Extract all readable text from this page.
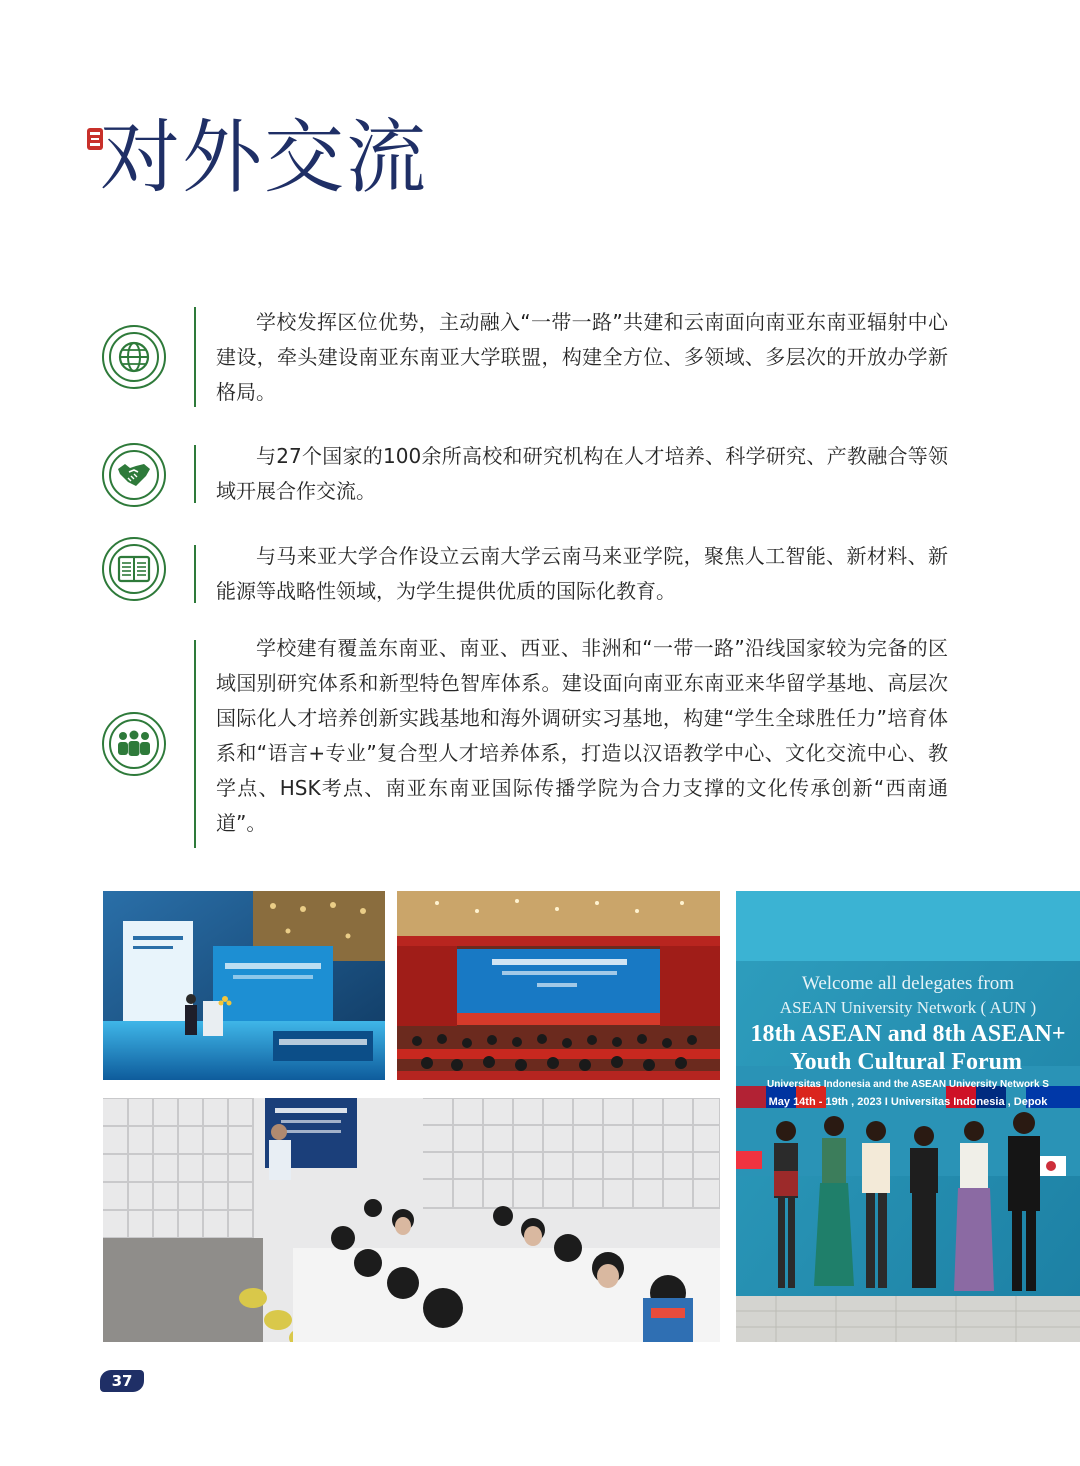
对外交流
学校发挥区位优势，主动融入“一带一路”共建和云南面向南亚东南亚辐射中心建设，牵头建设南亚东南亚大学联盟，构建全方位、多领域、多层次的开放办学新格局。
与27个国家的100余所高校和研究机构在人才培养、科学研究、产教融合等领域开展合作交流。
与马来亚大学合作设立云南大学云南马来亚学院，聚焦人工智能、新材料、新能源等战略性领域，为学生提供优质的国际化教育。
学校建有覆盖东南亚、南亚、西亚、非洲和“一带一路”沿线国家较为完备的区域国别研究体系和新型特色智库体系。建设面向南亚东南亚来华留学基地、高层次国际化人才培养创新实践基地和海外调研实习基地，构建“学生全球胜任力”培育体系和“语言+专业”复合型人才培养体系，打造以汉语教学中心、文化交流中心、教学点、HSK考点、南亚东南亚国际传播学院为合力支撑的文化传承创新“西南通道”。
Welcome all delegates from
ASEAN University Network ( AUN )
18th ASEAN and 8th ASEAN+
Youth Cultural Forum
Universitas Indonesia and the ASEAN University Network S
May 14th - 19th , 2023 I Universitas Indonesia , Depok
37
